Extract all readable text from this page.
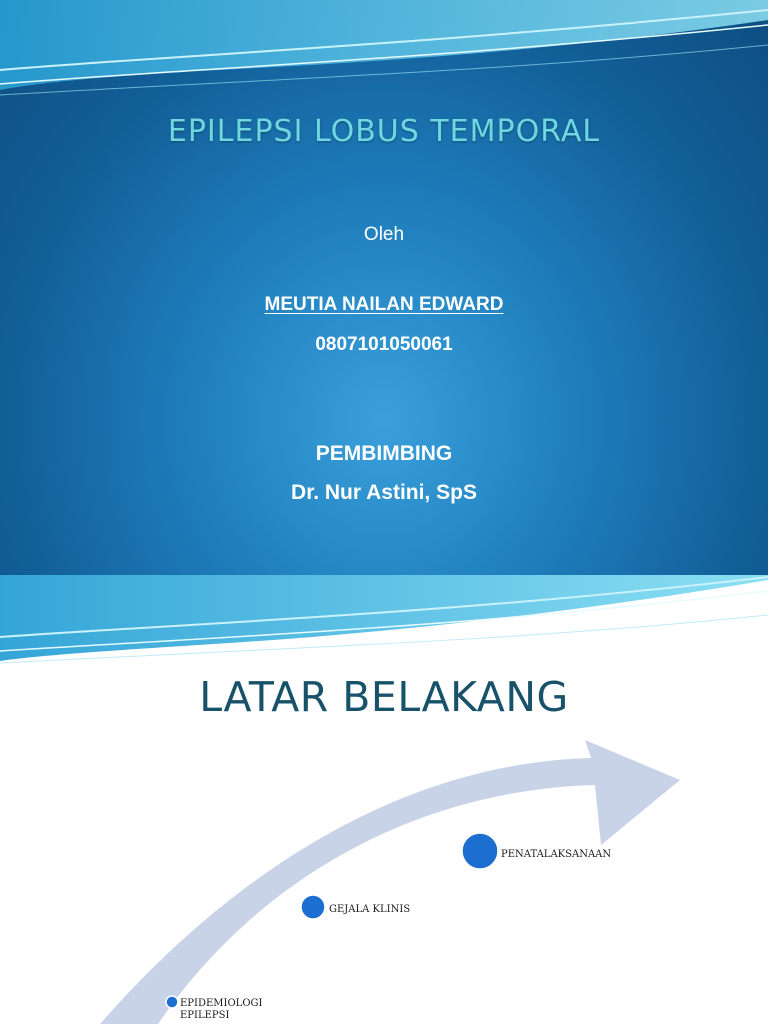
EPILEPSI LOBUS TEMPORAL

Oleh

MEUTIA NAILAN EDWARD

0807101050061

PEMBIMBING

Dr. Nur Astini, SpS

LATAR BELAKANG

EPIDEMIOLOGI EPILEPSI

GEJALA KLINIS

PENATALAKSANAAN
